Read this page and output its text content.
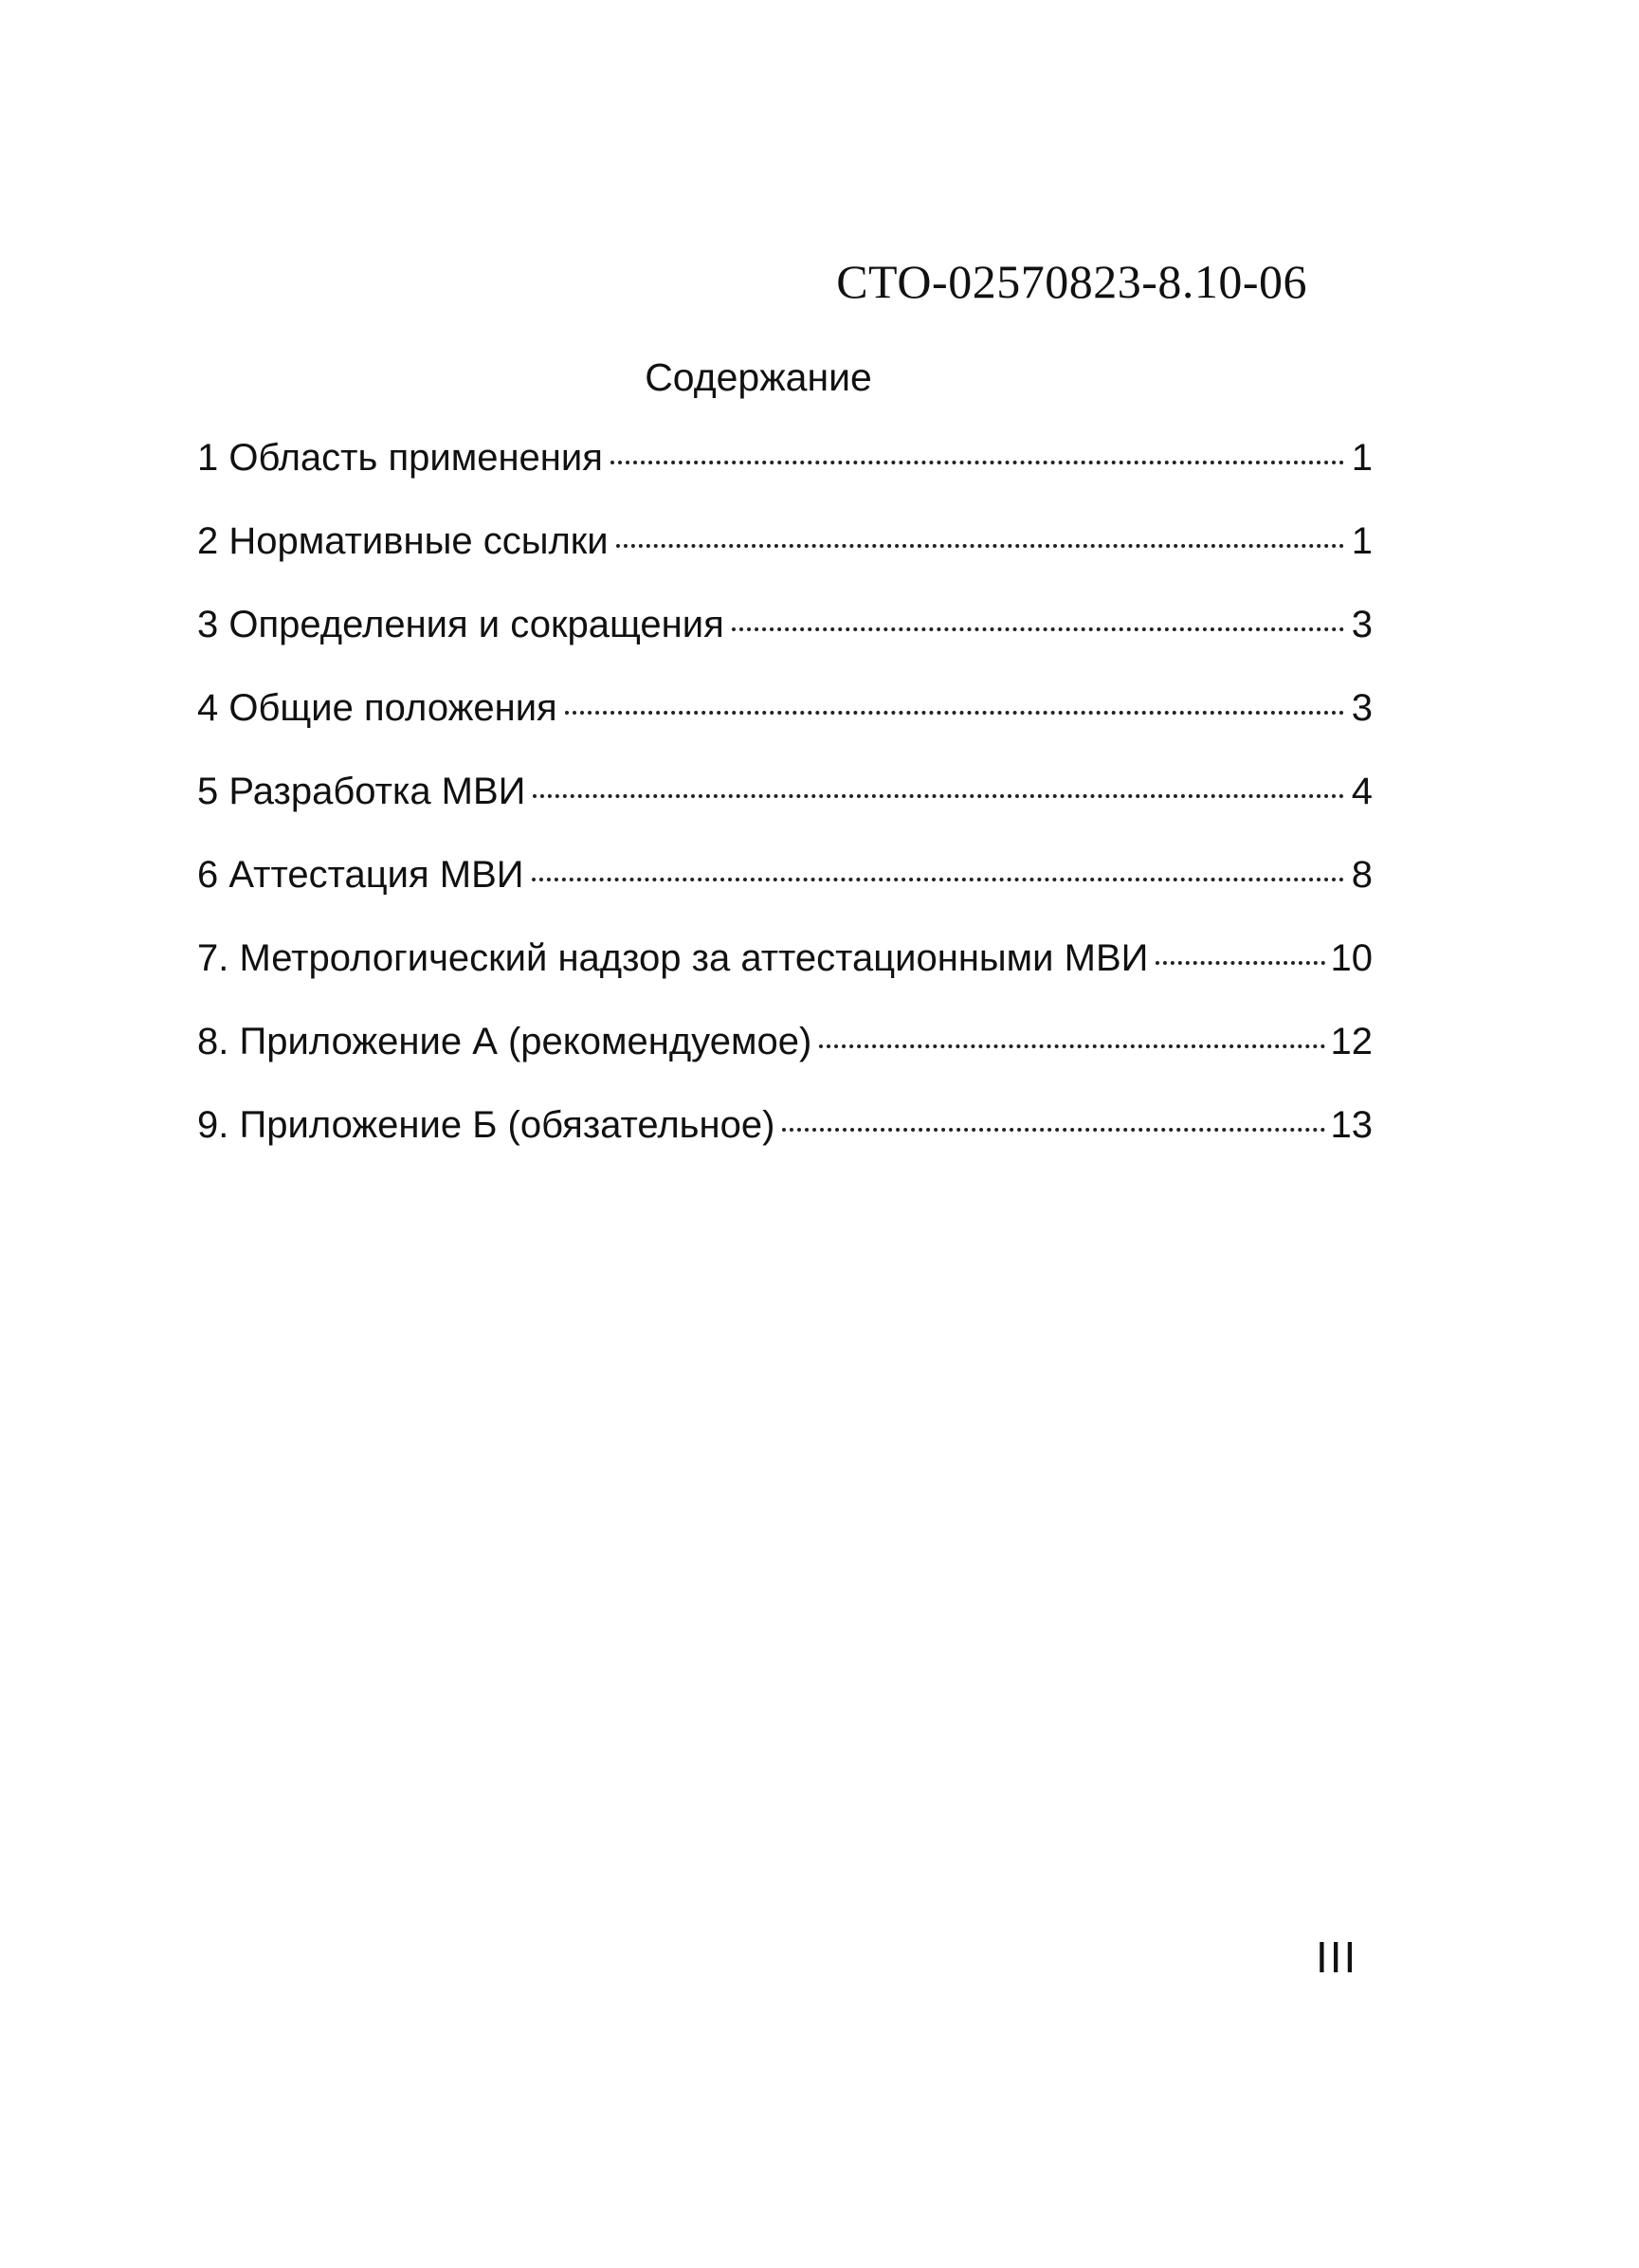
СТО-02570823-8.10-06
Содержание
1 Область применения	1
2 Нормативные ссылки	1
3 Определения и сокращения	3
4 Общие положения	3
5 Разработка МВИ	4
6 Аттестация МВИ	8
7. Метрологический надзор за аттестационными МВИ	10
8. Приложение А (рекомендуемое)	12
9. Приложение Б (обязательное)	13
III
